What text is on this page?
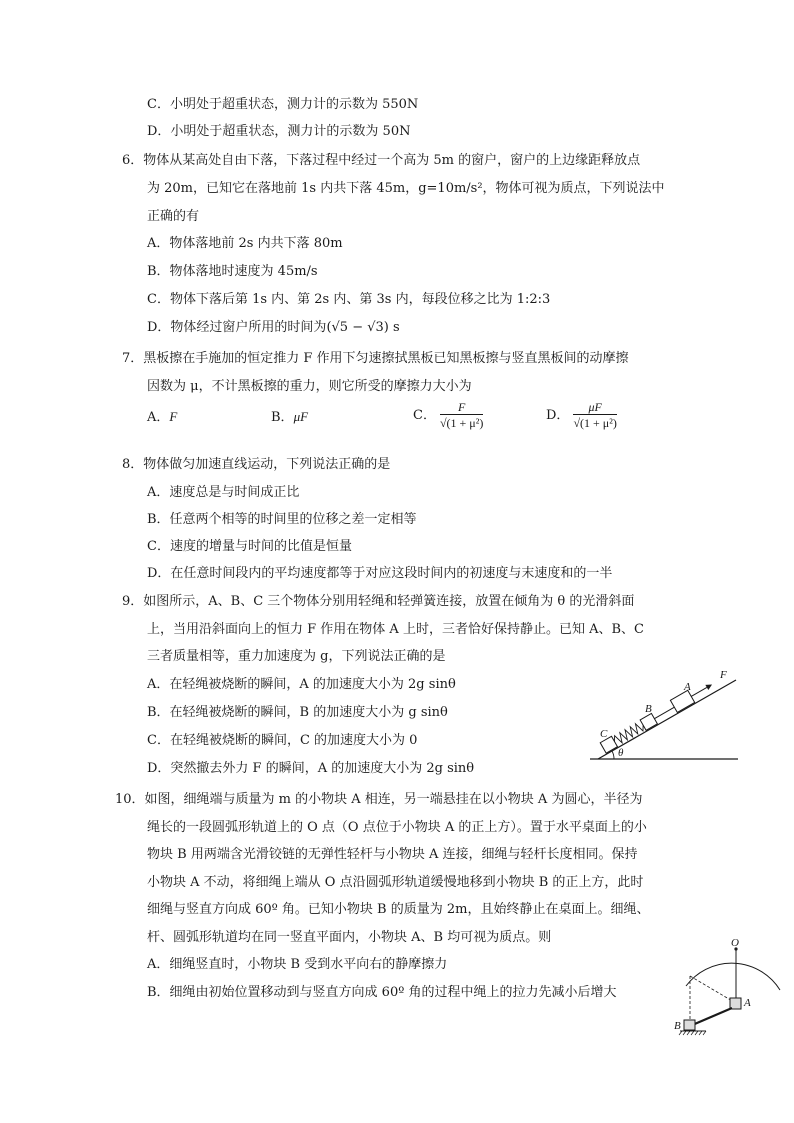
C．小明处于超重状态，测力计的示数为 550N
D．小明处于超重状态，测力计的示数为 50N
6．物体从某高处自由下落，下落过程中经过一个高为 5m 的窗户，窗户的上边缘距释放点
为 20m，已知它在落地前 1s 内共下落 45m，g=10m/s²，物体可视为质点，下列说法中
正确的有
A．物体落地前 2s 内共下落 80m
B．物体落地时速度为 45m/s
C．物体下落后第 1s 内、第 2s 内、第 3s 内，每段位移之比为 1:2:3
D．物体经过窗户所用的时间为(√5 − √3) s
7．黑板擦在手施加的恒定推力 F 作用下匀速擦拭黑板已知黑板擦与竖直黑板间的动摩擦
因数为 μ，不计黑板擦的重力，则它所受的摩擦力大小为
A．F	B．μF	C． $\frac{F}{\text{√(1 + μ²)}}$	D． $\frac{\mu F}{\text{√(1 + μ²)}}$
8．物体做匀加速直线运动，下列说法正确的是
A．速度总是与时间成正比
B．任意两个相等的时间里的位移之差一定相等
C．速度的增量与时间的比值是恒量
D．在任意时间段内的平均速度都等于对应这段时间内的初速度与末速度和的一半
9．如图所示，A、B、C 三个物体分别用轻绳和轻弹簧连接，放置在倾角为 θ 的光滑斜面
上，当用沿斜面向上的恒力 F 作用在物体 A 上时，三者恰好保持静止。已知 A、B、C
三者质量相等，重力加速度为 g，下列说法正确的是
A．在轻绳被烧断的瞬间，A 的加速度大小为 2g sinθ
B．在轻绳被烧断的瞬间，B 的加速度大小为 g sinθ
C．在轻绳被烧断的瞬间，C 的加速度大小为 0
D．突然撤去外力 F 的瞬间，A 的加速度大小为 2g sinθ
θ
C
B
A
F
10．如图，细绳端与质量为 m 的小物块 A 相连，另一端悬挂在以小物块 A 为圆心，半径为
绳长的一段圆弧形轨道上的 O 点（O 点位于小物块 A 的正上方）。置于水平桌面上的小
物块 B 用两端含光滑铰链的无弹性轻杆与小物块 A 连接，细绳与轻杆长度相同。保持
小物块 A 不动，将细绳上端从 O 点沿圆弧形轨道缓慢地移到小物块 B 的正上方，此时
细绳与竖直方向成 60º 角。已知小物块 B 的质量为 2m，且始终静止在桌面上。细绳、
杆、圆弧形轨道均在同一竖直平面内，小物块 A、B 均可视为质点。则
A．细绳竖直时，小物块 B 受到水平向右的静摩擦力
B．细绳由初始位置移动到与竖直方向成 60º 角的过程中绳上的拉力先减小后增大
O
A
B
